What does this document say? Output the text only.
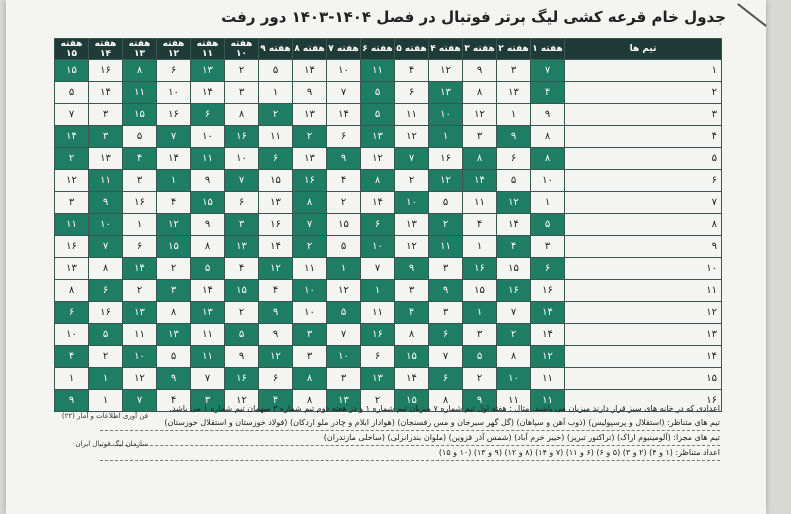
جدول خام قرعه کشی لیگ برتر فوتبال در فصل ۱۴۰۴-۱۴۰۳ دور رفت
تیم ها	هفته ۱	هفته ۲	هفته ۳	هفته ۴	هفته ۵	هفته ۶	هفته ۷	هفته ۸	هفته ۹	هفته ۱۰	هفته ۱۱	هفته ۱۲	هفته ۱۳	هفته ۱۴	هفته ۱۵
۱	۷	۳	۹	۱۲	۴	۱۱	۱۰	۱۴	۵	۲	۱۳	۶	۸	۱۶	۱۵
۲	۴	۱۳	۸	۱۳	۶	۵	۷	۹	۱	۳	۱۴	۱۰	۱۱	۱۴	۵
۳	۹	۱	۱۲	۱۰	۱۱	۵	۱۴	۱۳	۲	۸	۶	۱۶	۱۵	۳	۷
۴	۸	۹	۳	۱	۱۲	۱۳	۶	۲	۱۱	۱۶	۱۰	۷	۵	۳	۱۴
۵	۸	۶	۸	۱۶	۷	۱۲	۹	۱۳	۶	۱۰	۱۱	۱۴	۴	۱۳	۲
۶	۱۰	۵	۱۴	۱۲	۲	۸	۴	۱۶	۱۵	۷	۹	۱	۳	۱۱	۱۲
۷	۱	۱۲	۱۱	۵	۱۰	۱۴	۲	۸	۱۳	۶	۱۵	۴	۱۶	۹	۳
۸	۵	۱۴	۴	۲	۱۳	۶	۱۵	۷	۱۶	۳	۹	۱۲	۱	۱۰	۱۱
۹	۳	۴	۱	۱۱	۱۲	۱۰	۵	۲	۱۴	۱۳	۸	۱۵	۶	۷	۱۶
۱۰	۶	۱۵	۱۶	۳	۹	۷	۱	۱۱	۱۲	۴	۵	۲	۱۴	۸	۱۳
۱۱	۱۶	۱۶	۱۵	۹	۳	۱	۱۲	۱۰	۴	۱۵	۱۴	۳	۲	۶	۸
۱۲	۱۴	۷	۱	۳	۴	۱۱	۵	۱۰	۹	۲	۱۳	۸	۱۳	۱۶	۶
۱۳	۱۴	۲	۳	۶	۸	۱۶	۷	۳	۹	۵	۱۱	۱۳	۱۱	۵	۱۰
۱۴	۱۲	۸	۵	۷	۱۵	۶	۱۰	۳	۱۲	۹	۱۱	۵	۱۰	۲	۴
۱۵	۱۱	۱۰	۲	۶	۱۴	۱۳	۳	۸	۶	۱۶	۷	۹	۱۲	۱	۱
۱۶	۱۱	۱۱	۹	۸	۱۵	۲	۱۳	۸	۴	۱۲	۳	۴	۷	۱	۹
اعدادی که در خانه های سبز قرار دارند میزبان می باشند. مثال : هفته اول تیم شماره ۷ میزبان تیم شماره ۱ و در هفته دوم تیم شماره ۳ میهمان تیم شماره ۱ می باشد.
تیم های متناظر: (استقلال و پرسپولیس) (ذوب آهن و سپاهان) (گل گهر سیرجان و مس رفسنجان) (هوادار ایلام و چادر ملو اردکان) (فولاد خوزستان و استقلال خوزستان)
تیم های مجزا: (آلومینیوم اراک) (تراکتور تبریز) (خیبر خرم آباد) (شمس آذر قزوین) (ملوان بندرانزلی) (ساحلی مازندران)
اعداد متناظر: (۱ و ۴) (۲ و ۳) (۵ و ۶) (۶ و ۱۱) (۷ و ۱۴) (۸ و ۱۲) (۹ و ۱۳) (۱۰ و ۱۵)
فن آوری اطلاعات و آمار (۲۲)
سازمان لیگ فوتبال ایران
